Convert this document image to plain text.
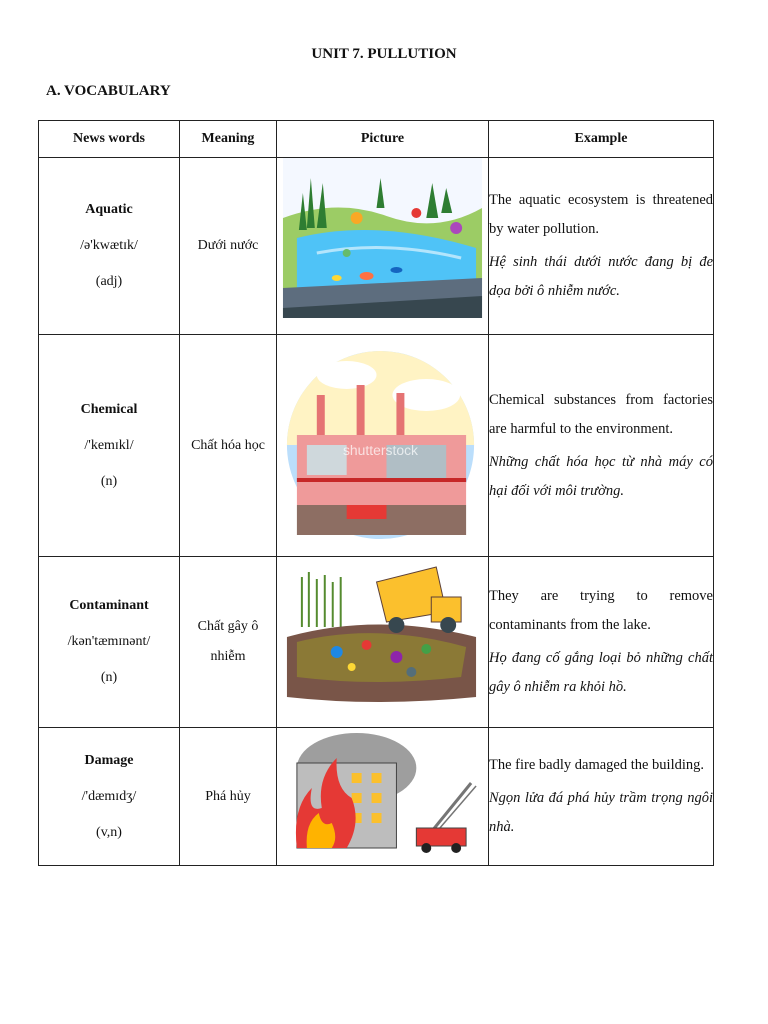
UNIT 7. PULLUTION
A. VOCABULARY
News words	Meaning	Picture	Example

Aquatic
/ə'kwætɪk/
(adj)	Dưới nước		The aquatic ecosystem is threatened by water pollution.
Hệ sinh thái dưới nước đang bị đe dọa bởi ô nhiễm nước.

Chemical
/'kemɪkl/
(n)	Chất hóa học	shutterstock	Chemical substances from factories are harmful to the environment.
Những chất hóa học từ nhà máy có hại đối với môi trường.

Contaminant
/kən'tæmɪnənt/
(n)	Chất gây ô nhiễm		They are trying to remove contaminants from the lake.
Họ đang cố gắng loại bỏ những chất gây ô nhiễm ra khỏi hồ.

Damage
/'dæmɪdʒ/
(v,n)	Phá hủy		The fire badly damaged the building.
Ngọn lửa đá phá hủy trầm trọng ngôi nhà.
